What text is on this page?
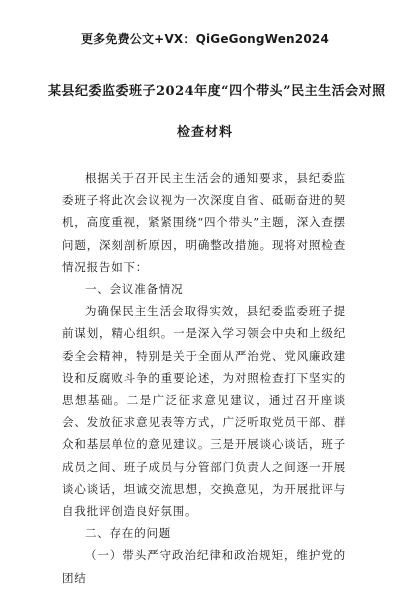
更多免费公文+VX：QiGeGongWen2024
某县纪委监委班子2024年度“四个带头”民主生活会对照
检查材料

根据关于召开民主生活会的通知要求，县纪委监委班子将此次会议视为一次深度自省、砥砺奋进的契机，高度重视，紧紧围绕“四个带头”主题，深入查摆问题，深刻剖析原因，明确整改措施。现将对照检查情况报告如下：

一、会议准备情况

为确保民主生活会取得实效，县纪委监委班子提前谋划，精心组织。一是深入学习领会中央和上级纪委全会精神，特别是关于全面从严治党、党风廉政建设和反腐败斗争的重要论述，为对照检查打下坚实的思想基础。二是广泛征求意见建议，通过召开座谈会、发放征求意见表等方式，广泛听取党员干部、群众和基层单位的意见建议。三是开展谈心谈话，班子成员之间、班子成员与分管部门负责人之间逐一开展谈心谈话，坦诚交流思想，交换意见，为开展批评与自我批评创造良好氛围。

二、存在的问题

（一）带头严守政治纪律和政治规矩，维护党的团结
